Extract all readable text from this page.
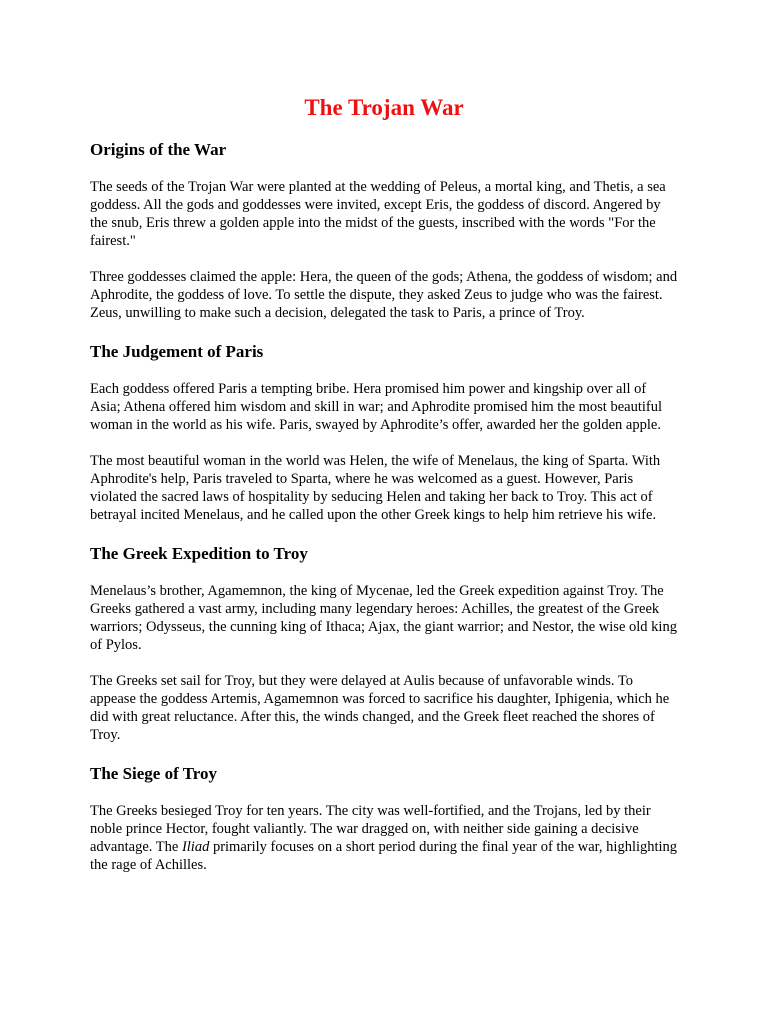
The Trojan War
Origins of the War

The seeds of the Trojan War were planted at the wedding of Peleus, a mortal king, and Thetis, a sea goddess. All the gods and goddesses were invited, except Eris, the goddess of discord. Angered by the snub, Eris threw a golden apple into the midst of the guests, inscribed with the words "For the fairest."

Three goddesses claimed the apple: Hera, the queen of the gods; Athena, the goddess of wisdom; and Aphrodite, the goddess of love. To settle the dispute, they asked Zeus to judge who was the fairest. Zeus, unwilling to make such a decision, delegated the task to Paris, a prince of Troy.

The Judgement of Paris

Each goddess offered Paris a tempting bribe. Hera promised him power and kingship over all of Asia; Athena offered him wisdom and skill in war; and Aphrodite promised him the most beautiful woman in the world as his wife. Paris, swayed by Aphrodite’s offer, awarded her the golden apple.

The most beautiful woman in the world was Helen, the wife of Menelaus, the king of Sparta. With Aphrodite's help, Paris traveled to Sparta, where he was welcomed as a guest. However, Paris violated the sacred laws of hospitality by seducing Helen and taking her back to Troy. This act of betrayal incited Menelaus, and he called upon the other Greek kings to help him retrieve his wife.

The Greek Expedition to Troy

Menelaus’s brother, Agamemnon, the king of Mycenae, led the Greek expedition against Troy. The Greeks gathered a vast army, including many legendary heroes: Achilles, the greatest of the Greek warriors; Odysseus, the cunning king of Ithaca; Ajax, the giant warrior; and Nestor, the wise old king of Pylos.

The Greeks set sail for Troy, but they were delayed at Aulis because of unfavorable winds. To appease the goddess Artemis, Agamemnon was forced to sacrifice his daughter, Iphigenia, which he did with great reluctance. After this, the winds changed, and the Greek fleet reached the shores of Troy.

The Siege of Troy

The Greeks besieged Troy for ten years. The city was well-fortified, and the Trojans, led by their noble prince Hector, fought valiantly. The war dragged on, with neither side gaining a decisive advantage. The Iliad primarily focuses on a short period during the final year of the war, highlighting the rage of Achilles.
